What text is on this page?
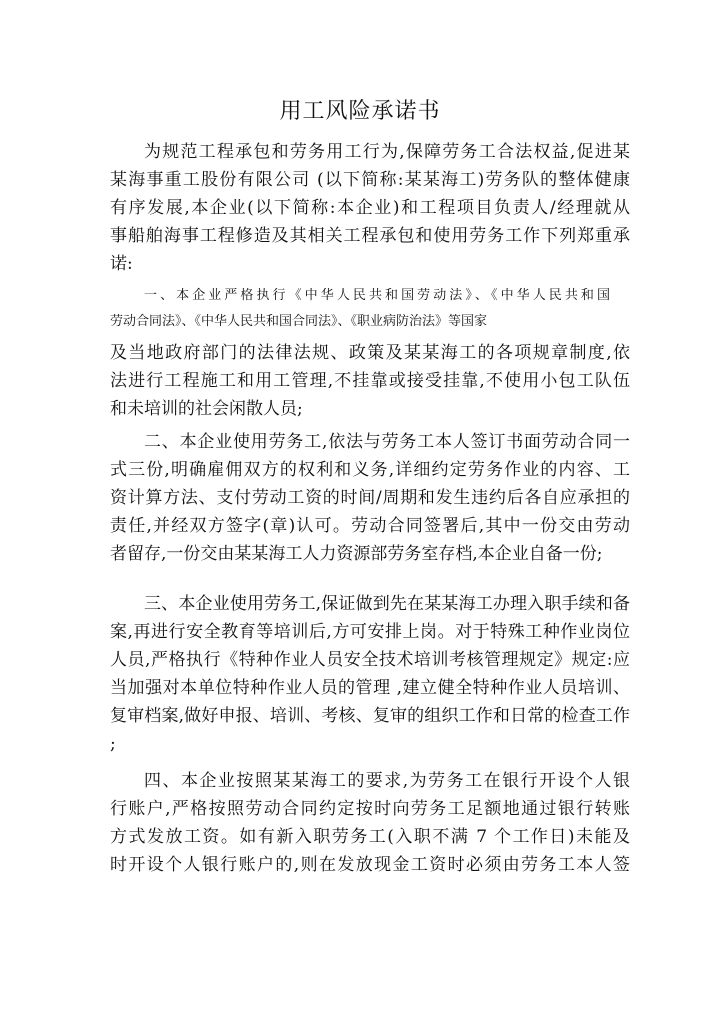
用工风险承诺书
为规范工程承包和劳务用工行为,保障劳务工合法权益,促进某
某海事重工股份有限公司 (以下简称:某某海工)劳务队的整体健康
有序发展,本企业(以下简称:本企业)和工程项目负责人/经理就从
事船舶海事工程修造及其相关工程承包和使用劳务工作下列郑重承
诺:
一、本企业严格执行《中华人民共和国劳动法》、《中华人民共和国
劳动合同法》、《中华人民共和国合同法》、《职业病防治法》等国家
及当地政府部门的法律法规、政策及某某海工的各项规章制度,依
法进行工程施工和用工管理,不挂靠或接受挂靠,不使用小包工队伍
和未培训的社会闲散人员;
二、本企业使用劳务工,依法与劳务工本人签订书面劳动合同一
式三份,明确雇佣双方的权利和义务,详细约定劳务作业的内容、工
资计算方法、支付劳动工资的时间/周期和发生违约后各自应承担的
责任,并经双方签字(章)认可。劳动合同签署后,其中一份交由劳动
者留存,一份交由某某海工人力资源部劳务室存档,本企业自备一份;
三、本企业使用劳务工,保证做到先在某某海工办理入职手续和备
案,再进行安全教育等培训后,方可安排上岗。对于特殊工种作业岗位
人员,严格执行《特种作业人员安全技术培训考核管理规定》规定:应
当加强对本单位特种作业人员的管理 ,建立健全特种作业人员培训、
复审档案,做好申报、培训、考核、复审的组织工作和日常的检查工作
;
四、本企业按照某某海工的要求,为劳务工在银行开设个人银
行账户,严格按照劳动合同约定按时向劳务工足额地通过银行转账
方式发放工资。如有新入职劳务工(入职不满 7 个工作日)未能及
时开设个人银行账户的,则在发放现金工资时必须由劳务工本人签
